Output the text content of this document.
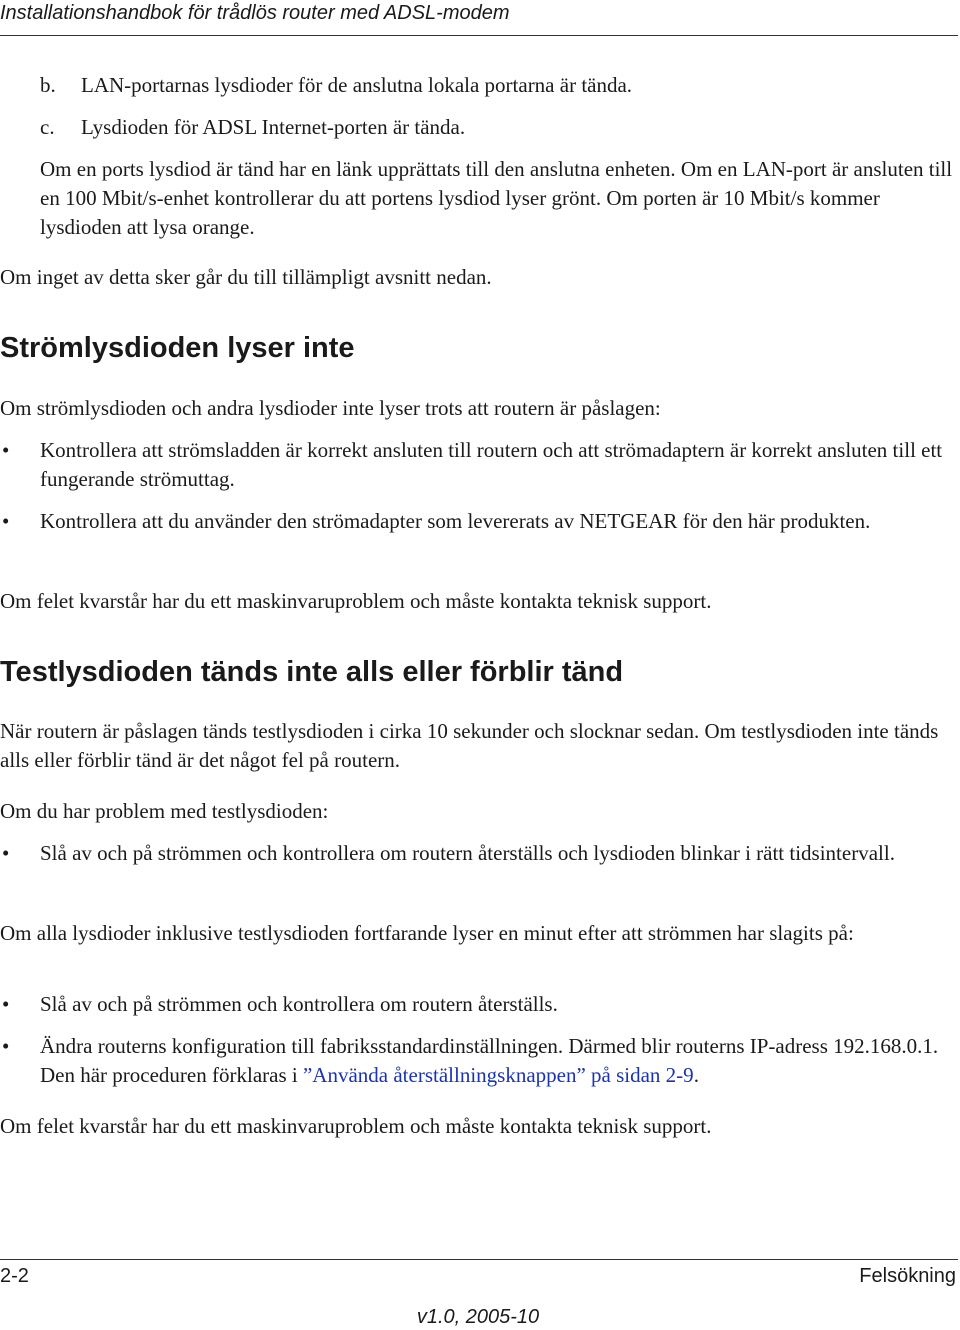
Installationshandbok för trådlös router med ADSL-modem
b. LAN-portarnas lysdioder för de anslutna lokala portarna är tända.
c. Lysdioden för ADSL Internet-porten är tända.

Om en ports lysdiod är tänd har en länk upprättats till den anslutna enheten. Om en LAN-port är ansluten till en 100 Mbit/s-enhet kontrollerar du att portens lysdiod lyser grönt. Om porten är 10 Mbit/s kommer lysdioden att lysa orange.

Om inget av detta sker går du till tillämpligt avsnitt nedan.

Strömlysdioden lyser inte

Om strömlysdioden och andra lysdioder inte lyser trots att routern är påslagen:

• Kontrollera att strömsladden är korrekt ansluten till routern och att strömadaptern är korrekt ansluten till ett fungerande strömuttag.

• Kontrollera att du använder den strömadapter som levererats av NETGEAR för den här produkten.

Om felet kvarstår har du ett maskinvaruproblem och måste kontakta teknisk support.

Testlysdioden tänds inte alls eller förblir tänd

När routern är påslagen tänds testlysdioden i cirka 10 sekunder och slocknar sedan. Om testlysdioden inte tänds alls eller förblir tänd är det något fel på routern.

Om du har problem med testlysdioden:

• Slå av och på strömmen och kontrollera om routern återställs och lysdioden blinkar i rätt tidsintervall.

Om alla lysdioder inklusive testlysdioden fortfarande lyser en minut efter att strömmen har slagits på:

• Slå av och på strömmen och kontrollera om routern återställs.

• Ändra routerns konfiguration till fabriksstandardinställningen. Därmed blir routerns IP-adress 192.168.0.1. Den här proceduren förklaras i ”Använda återställningsknappen” på sidan 2-9.

Om felet kvarstår har du ett maskinvaruproblem och måste kontakta teknisk support.

2-2	Felsökning
v1.0, 2005-10
